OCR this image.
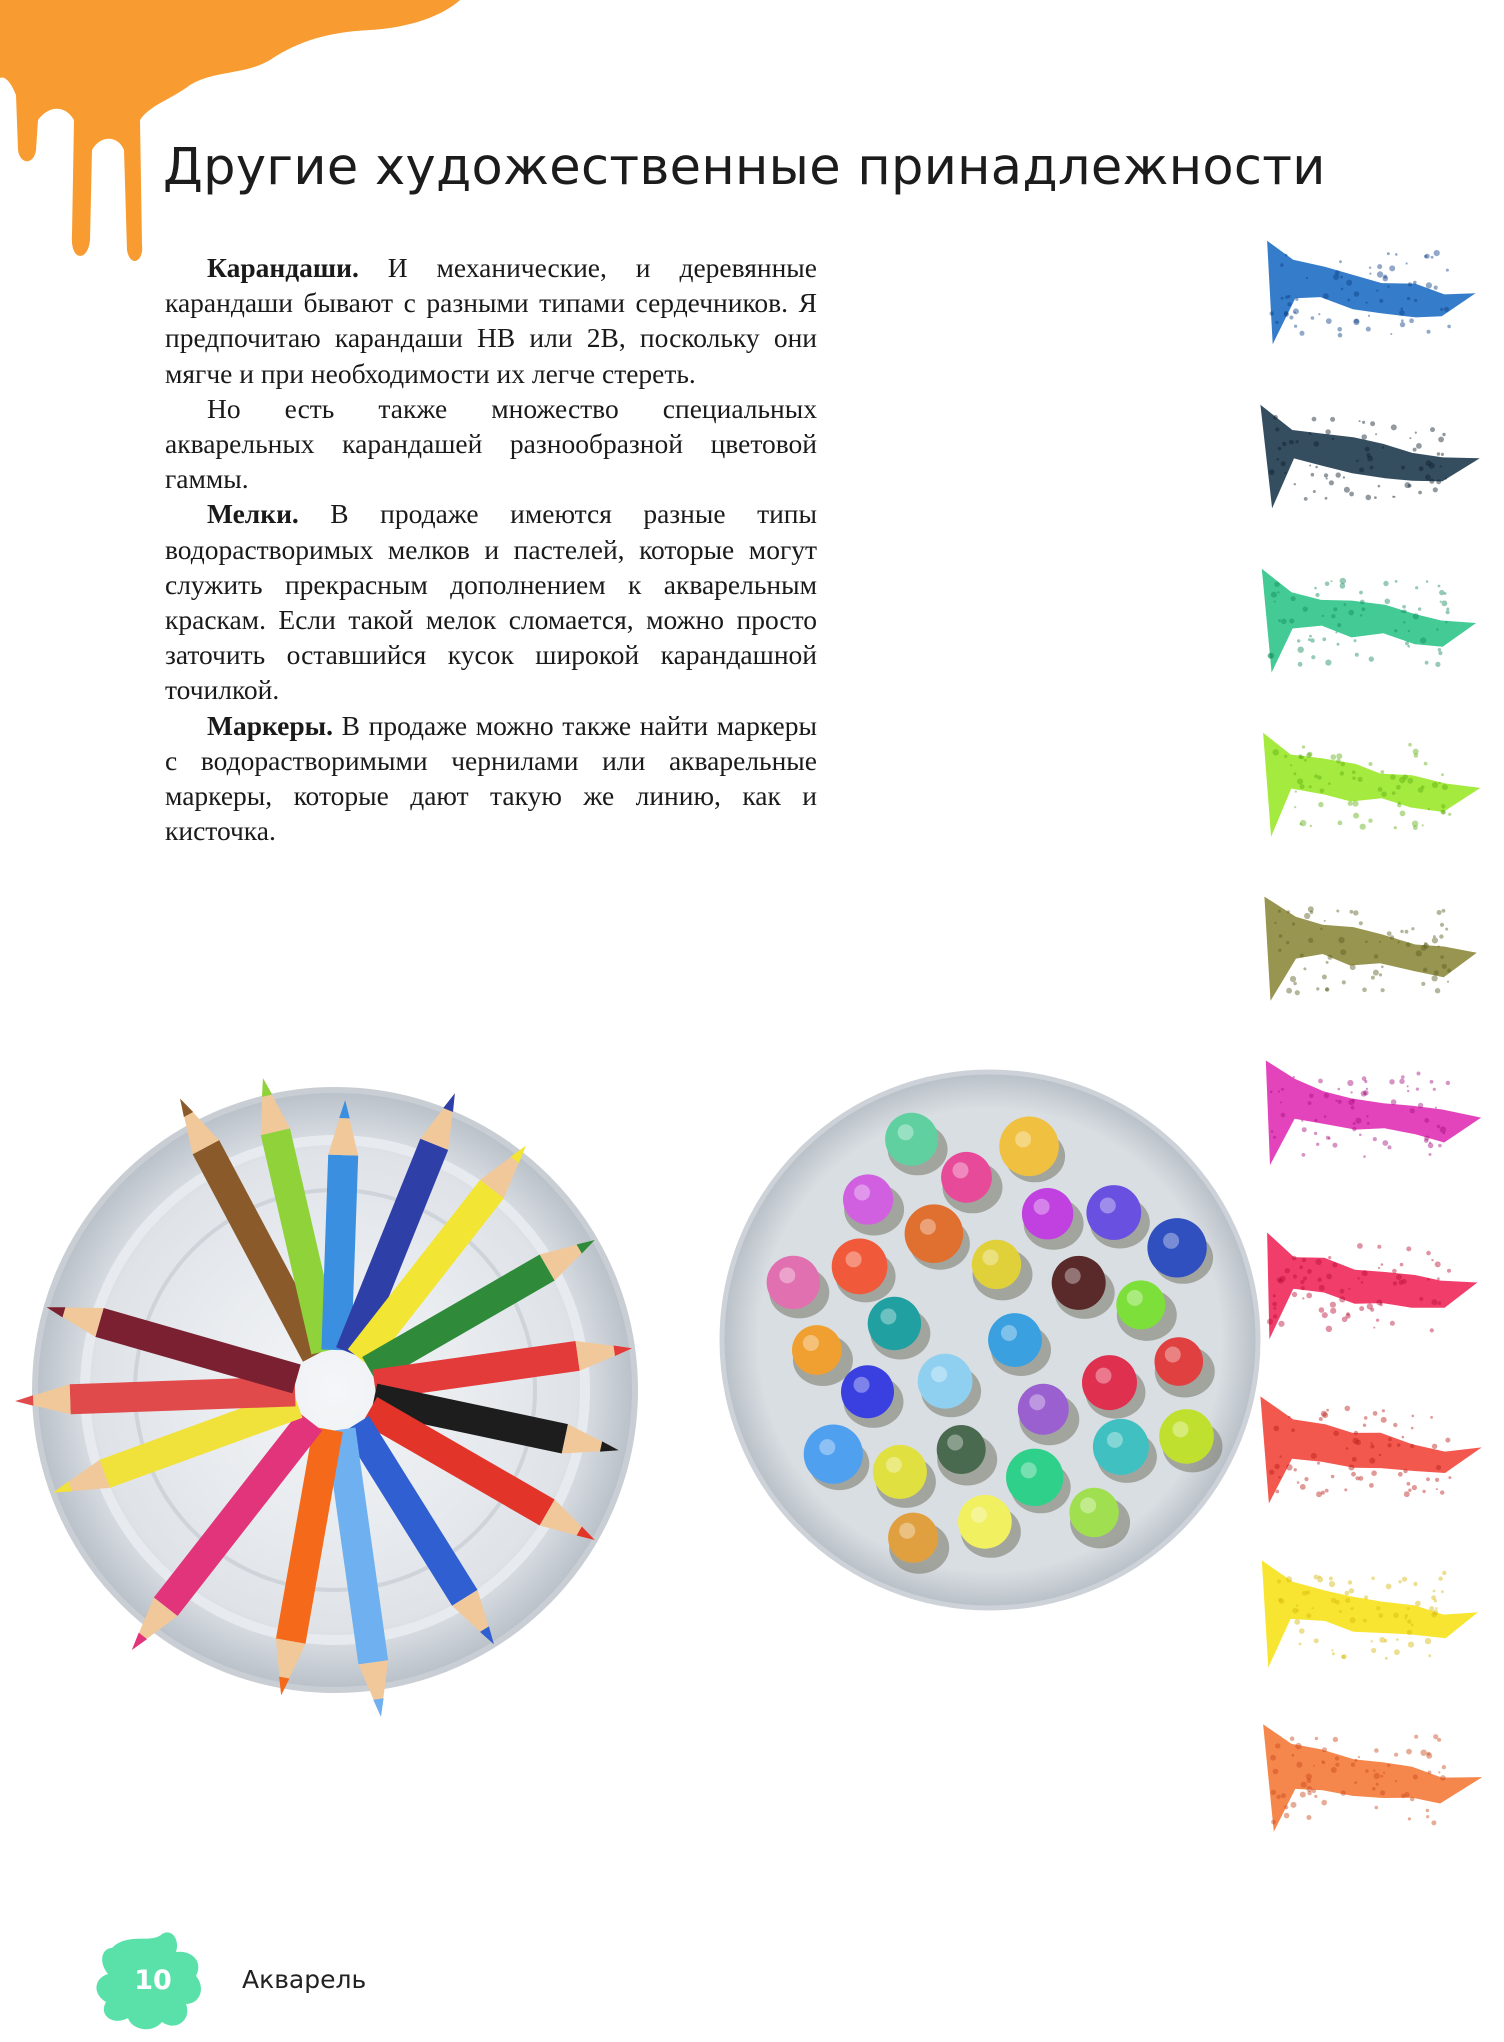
Другие художественные принадлежности

Карандаши. И механические, и деревянные карандаши бывают с разными типами сердечников. Я предпочитаю карандаши HB или 2B, поскольку они мягче и при необходимости их легче стереть.

Но есть также множество специальных акварельных карандашей разнообразной цветовой гаммы.

Мелки. В продаже имеются разные типы водорастворимых мелков и пастелей, которые могут служить прекрасным дополнением к акварельным краскам. Если такой мелок сломается, можно просто заточить оставшийся кусок широкой карандашной точилкой.

Маркеры. В продаже можно также найти маркеры с водорастворимыми чернилами или акварельные маркеры, которые дают такую же линию, как и кисточка.

10	Акварель
